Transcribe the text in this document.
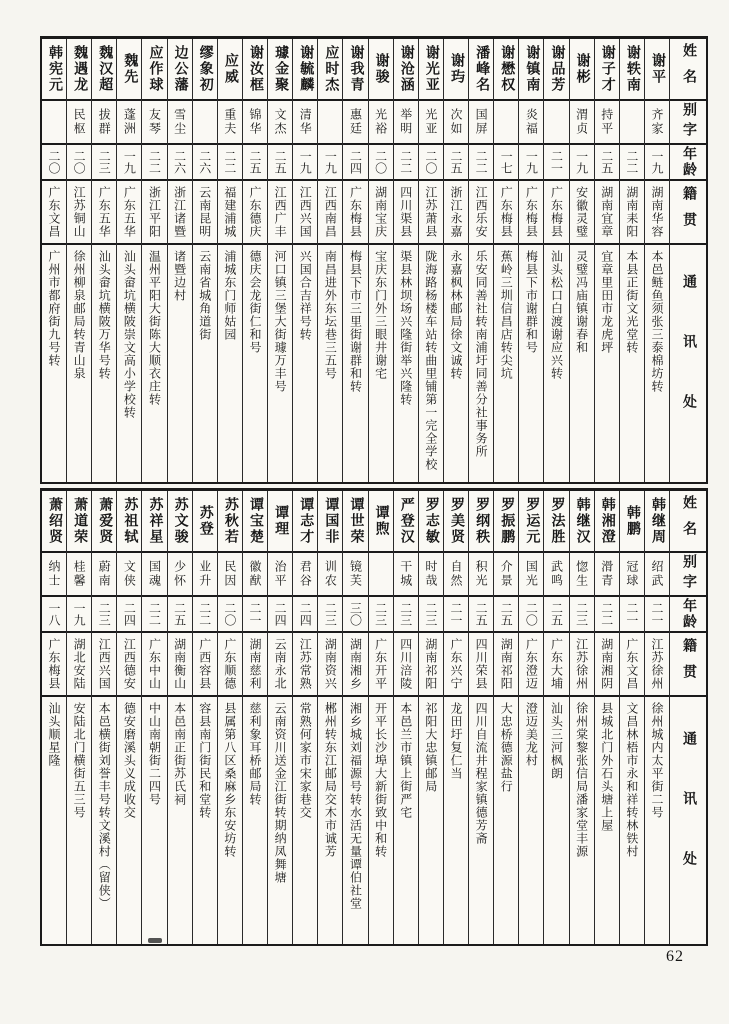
姓名
别字
年龄
籍贯
通讯处
谢平
齐家
一九
湖南华容
本邑鲢鱼须张三泰棉坊转
谢轶南
二二
湖南耒阳
本县正街文光堂转
谢子才
持平
二五
湖南宜章
宜章里田市龙虎坪
谢彬
渭贞
一九
安徽灵璧
灵璧冯庙镇谢春和
谢品芳
二一
广东梅县
汕头松口白渡谢应兴转
谢镇南
炎福
一九
广东梅县
梅县下市谢群和号
谢懋权
一七
广东梅县
蕉岭三圳信昌店转尖坑
潘峰名
国屏
二二
江西乐安
乐安同善社转南浦圩同善分社事务所
谢玙
次如
二五
浙江永嘉
永嘉枫林邮局徐文诚转
谢光亚
光亚
二〇
江苏萧县
陇海路杨楼车站转曲里铺第一完全学校
谢沧涵
举明
二二
四川渠县
渠县林坝场兴隆街举兴隆转
谢骏
光裕
二〇
湖南宝庆
宝庆东门外三眼井谢宅
谢我青
惠廷
二四
广东梅县
梅县下市三里街谢群和转
应时杰
一九
江西南昌
南昌进外东坛巷三五号
谢毓麟
清华
一九
江西兴国
兴国合吉祥号转
璩金聚
文杰
二五
江西广丰
河口镇三堡大街璩万丰号
谢汝框
锦华
二五
广东德庆
德庆会龙街仁和号
应威
重夫
二二
福建浦城
浦城东门师姑园
缪象初
二六
云南昆明
云南省城角道街
边公藩
雪尘
二六
浙江诸暨
诸暨边村
应作球
友琴
二二
浙江平阳
温州平阳大街陈大顺衣庄转
魏先
蓬洲
一九
广东五华
汕头畲坑横陂崇文高小学校转
魏汉超
拔群
二三
广东五华
汕头畲坑横陂万华号转
魏遇龙
民枢
二〇
江苏铜山
徐州柳泉邮局转青山泉
韩宪元
二〇
广东文昌
广州市都府街九号转
姓名
别字
年龄
籍贯
通讯处
韩继周
绍武
二一
江苏徐州
徐州城内太平街二号
韩鹏
冠球
二一
广东文昌
文昌林梧市永和祥转林铁村
韩湘澄
滑青
二二
湖南湘阴
县城北门外石头塘上屋
韩继汉
惚生
二三
江苏徐州
徐州棠黎张信局潘家堂丰源
罗法胜
武鸣
二五
广东大埔
汕头三河枫朗
罗运元
国光
二〇
广东澄迈
澄迈美龙村
罗振鹏
介景
二五
湖南祁阳
大忠桥德源盐行
罗纲秩
积光
二五
四川荣县
四川自流井程家镇德芳斋
罗美贤
自然
二一
广东兴宁
龙田圩复仁当
罗志敏
时哉
二三
湖南祁阳
祁阳大忠镇邮局
严登汉
干城
二三
四川涪陵
本邑兰市镇上街严宅
谭煦
二三
广东开平
开平长沙埠大新街致中和转
谭世荣
镜芙
三〇
湖南湘乡
湘乡城刘福源号转水活无量谭伯社堂
谭国非
训农
二三
湖南资兴
郴州转东江邮局交木市诚芳
谭志才
君谷
二四
江苏常熟
常熟何家市宋家巷交
谭理
治平
二四
云南永北
云南资川送金江街转期纳凤舞塘
谭宝楚
徽猷
二一
湖南慈利
慈利象耳桥邮局转
苏秋若
民因
二〇
广东顺德
县属第八区桑麻乡东安坊转
苏登
业升
二二
广西容县
容县南门街民和堂转
苏文骏
少怀
二五
湖南衡山
本邑南正街苏氏祠
苏祥星
国魂
二二
广东中山
中山南朝街二四号
苏祖轼
文侠
二四
江西德安
德安磨溪头义成收交
萧爱贤
蔚南
二三
江西兴国
本邑横街刘誉丰号转文溪村（留侠）
萧道荣
桂馨
一九
湖北安陆
安陆北门横街五三号
萧绍贤
纳士
一八
广东梅县
汕头顺星隆
62
